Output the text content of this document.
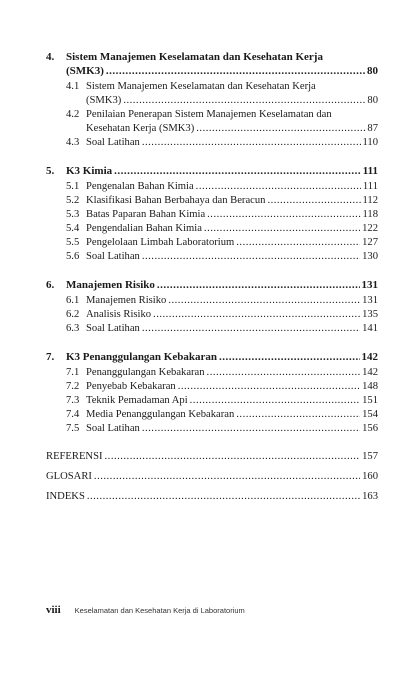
4.	Sistem Manajemen Keselamatan dan Kesehatan Kerja
(SMK3) .....	80
4.1 Sistem Manajemen Keselamatan dan Kesehatan Kerja
(SMK3) .....	80
4.2 Penilaian Penerapan Sistem Manajemen Keselamatan dan
Kesehatan Kerja (SMK3) .....	87
4.3 Soal Latihan .....	110
5.	K3 Kimia .....	111
5.1 Pengenalan Bahan Kimia .....	111
5.2 Klasifikasi Bahan Berbahaya dan Beracun .....	112
5.3 Batas Paparan Bahan Kimia .....	118
5.4 Pengendalian Bahan Kimia .....	122
5.5 Pengelolaan Limbah Laboratorium .....	127
5.6 Soal Latihan .....	130
6.	Manajemen Risiko .....	131
6.1 Manajemen Risiko .....	131
6.2 Analisis Risiko .....	135
6.3 Soal Latihan .....	141
7.	K3 Penanggulangan Kebakaran .....	142
7.1 Penanggulangan Kebakaran .....	142
7.2 Penyebab Kebakaran .....	148
7.3 Teknik Pemadaman Api .....	151
7.4 Media Penanggulangan Kebakaran .....	154
7.5 Soal Latihan .....	156
REFERENSI .....	157
GLOSARI .....	160
INDEKS .....	163
viii Keselamatan dan Kesehatan Kerja di Laboratorium
